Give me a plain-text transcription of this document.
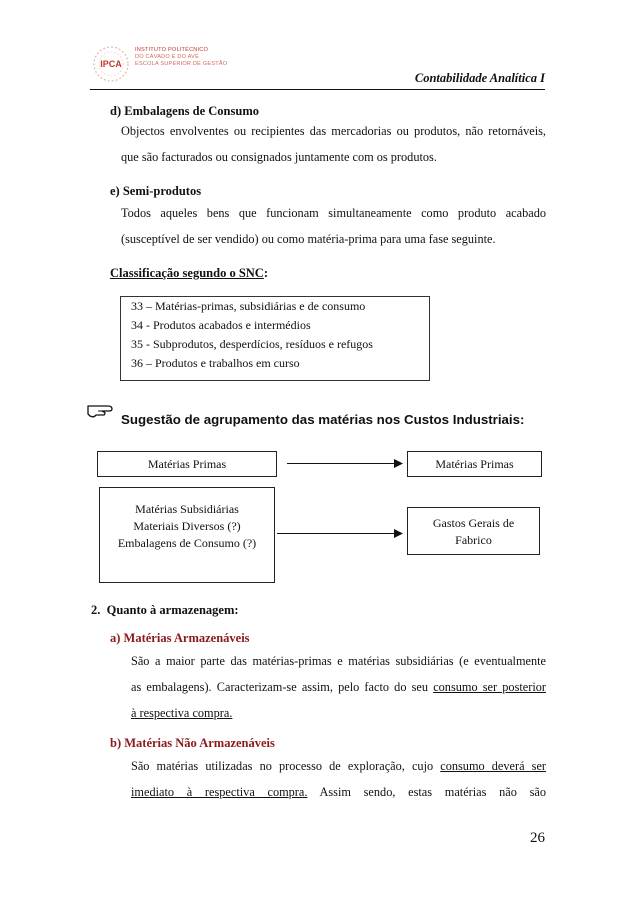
IPCA
INSTITUTO POLITÉCNICO
DO CÁVADO E DO AVE
ESCOLA SUPERIOR DE GESTÃO
Contabilidade Analítica I
d) Embalagens de Consumo
Objectos envolventes ou recipientes das mercadorias ou produtos, não retornáveis,
que são facturados ou consignados juntamente com os produtos.
e) Semi-produtos
Todos aqueles bens que funcionam simultaneamente como produto acabado
(susceptível de ser vendido) ou como matéria-prima para uma fase seguinte.
Classificação segundo o SNC:
33 – Matérias-primas, subsidiárias e de consumo
34 - Produtos acabados e intermédios
35 - Subprodutos, desperdícios, resíduos e refugos
36 – Produtos e trabalhos em curso
Sugestão de agrupamento das matérias nos Custos Industriais:
Matérias Primas	Matérias Primas
Matérias Subsidiárias
Materiais Diversos (?)
Embalagens de Consumo (?)
Gastos Gerais de
Fabrico
2.  Quanto à armazenagem:
a) Matérias Armazenáveis
São a maior parte das matérias-primas e matérias subsidiárias (e eventualmente
as embalagens). Caracterizam-se assim, pelo facto do seu consumo ser posterior
à respectiva compra.
b) Matérias Não Armazenáveis
São matérias utilizadas no processo de exploração, cujo consumo deverá ser
imediato à respectiva compra. Assim sendo, estas matérias não são
26
